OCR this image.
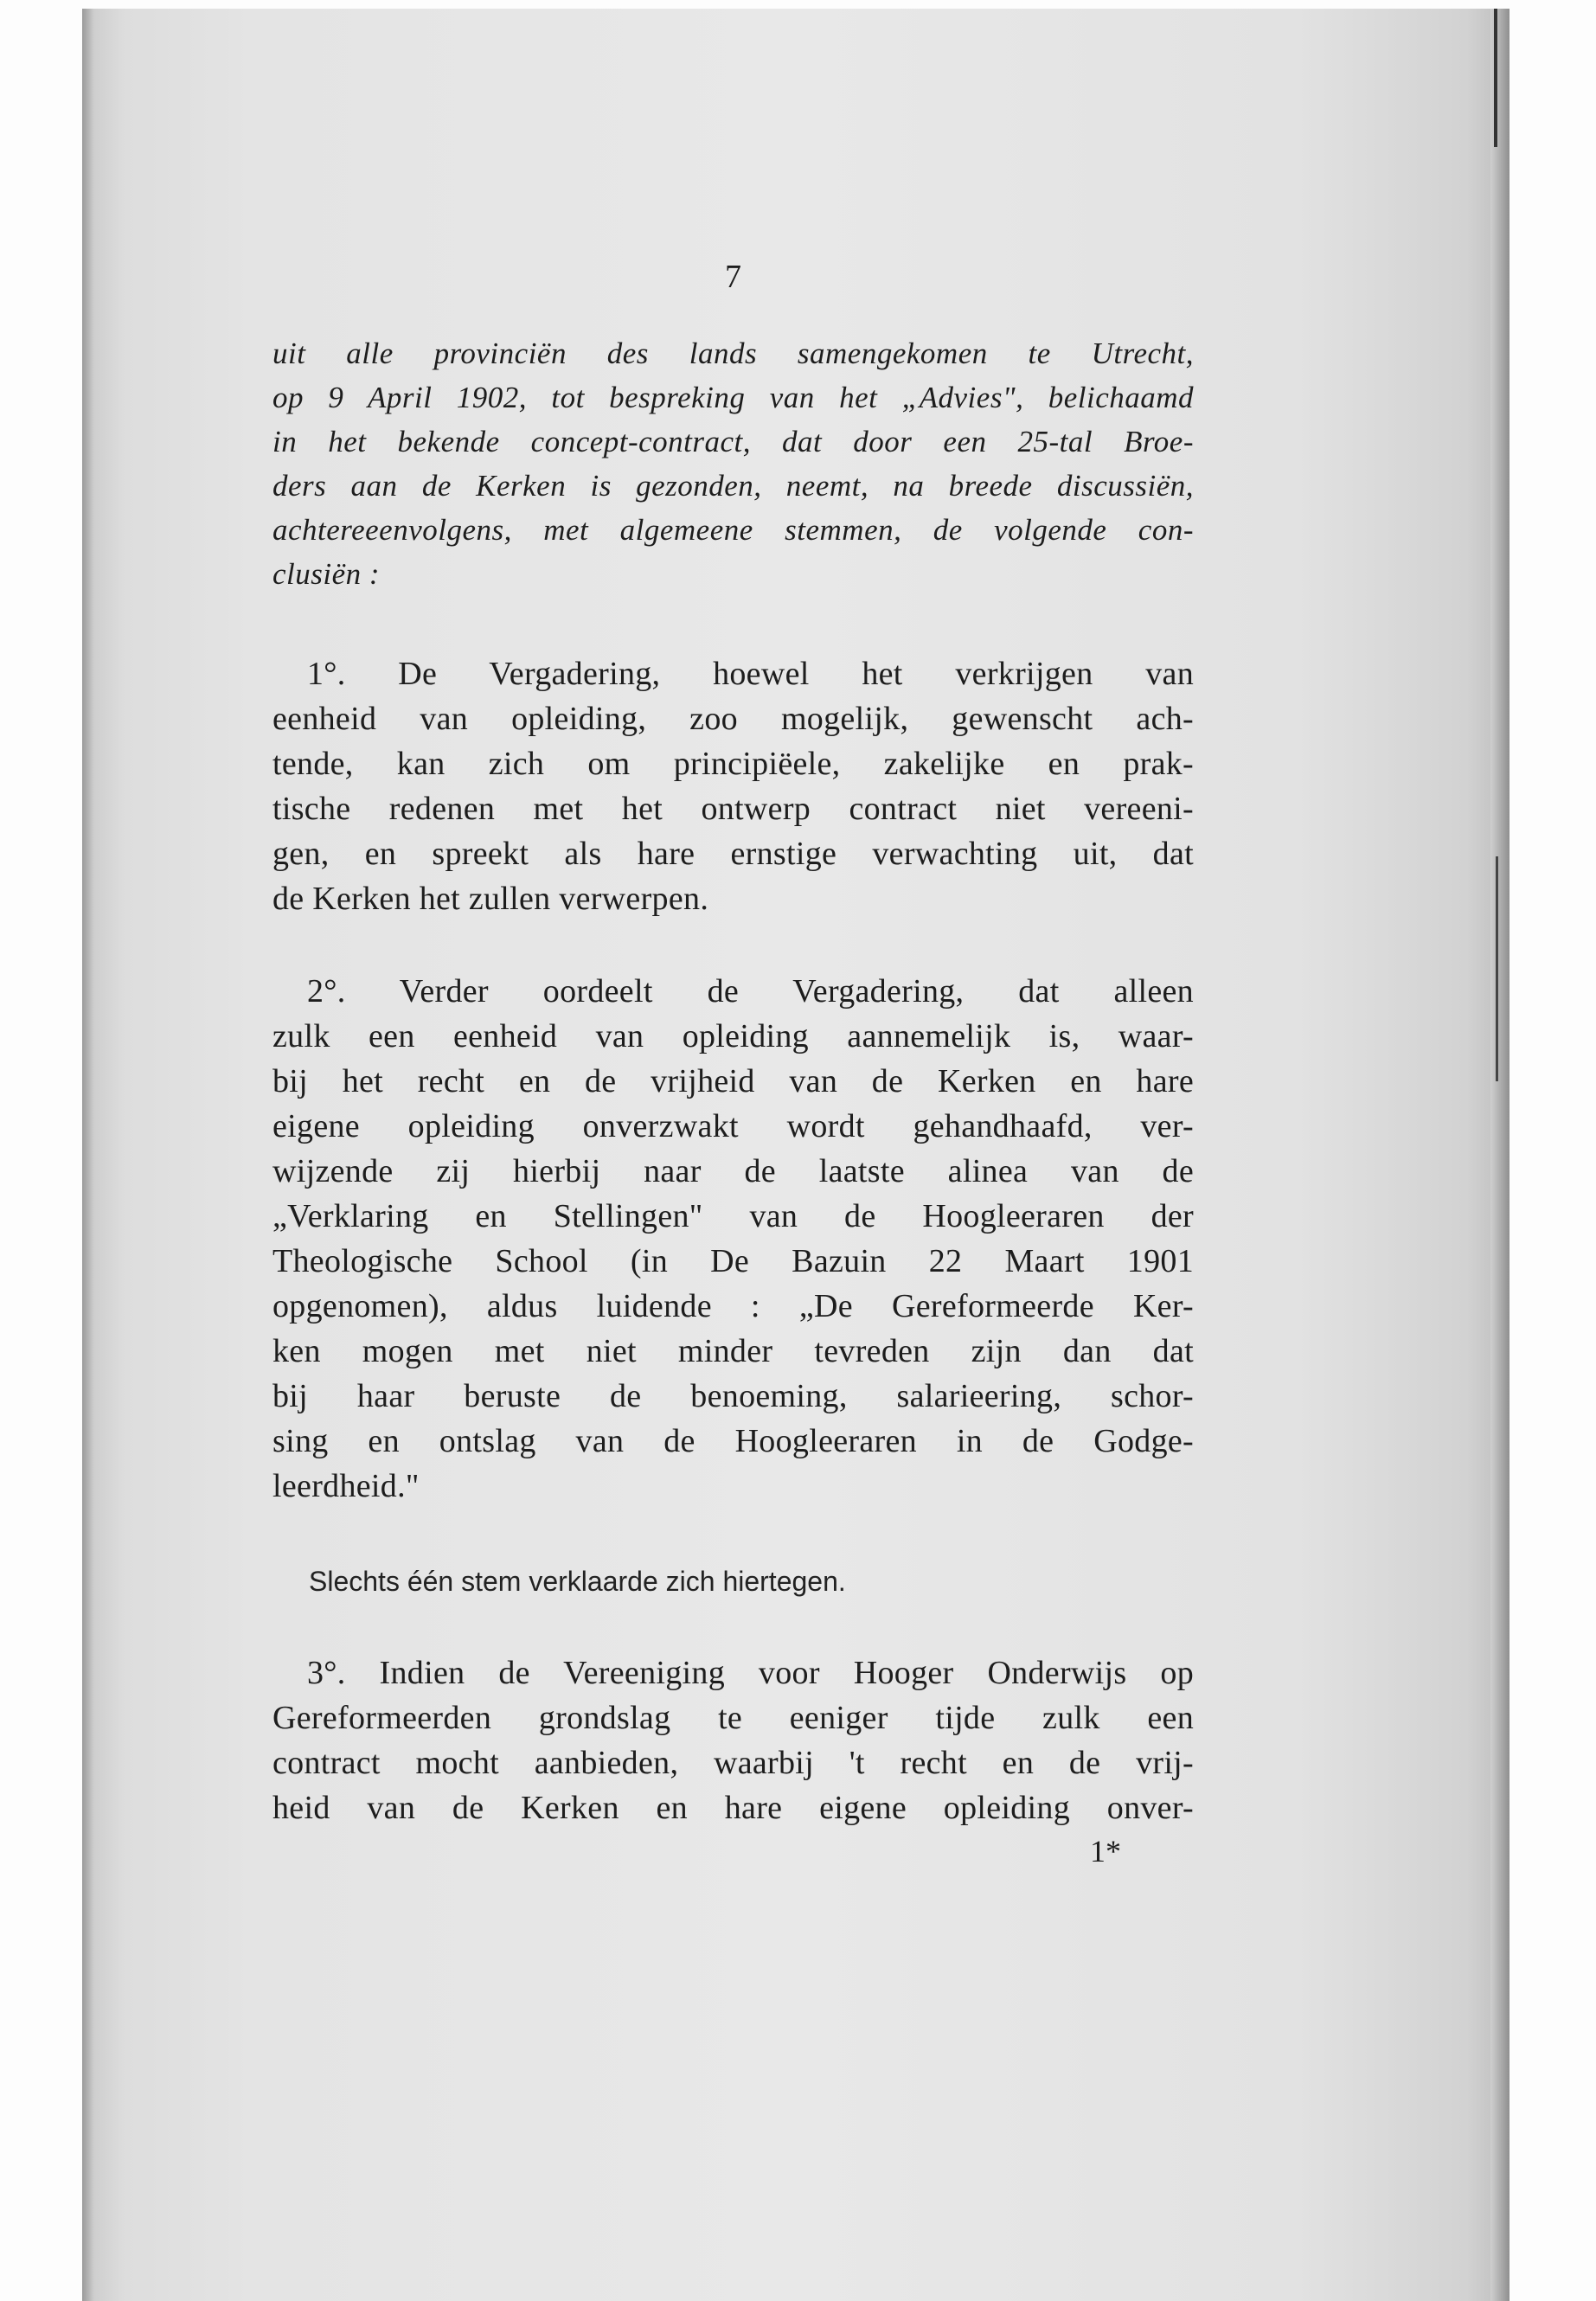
7
uit alle provinciën des lands samengekomen te Utrecht,
op 9 April 1902, tot bespreking van het „Advies", belichaamd
in het bekende concept-contract, dat door een 25-tal Broe-
ders aan de Kerken is gezonden, neemt, na breede discussiën,
achtereeenvolgens, met algemeene stemmen, de volgende con-
clusiën :
1°. De Vergadering, hoewel het verkrijgen van
eenheid van opleiding, zoo mogelijk, gewenscht ach-
tende, kan zich om principiëele, zakelijke en prak-
tische redenen met het ontwerp contract niet vereeni-
gen, en spreekt als hare ernstige verwachting uit, dat
de Kerken het zullen verwerpen.
2°. Verder oordeelt de Vergadering, dat alleen
zulk een eenheid van opleiding aannemelijk is, waar-
bij het recht en de vrijheid van de Kerken en hare
eigene opleiding onverzwakt wordt gehandhaafd, ver-
wijzende zij hierbij naar de laatste alinea van de
„Verklaring en Stellingen" van de Hoogleeraren der
Theologische School (in De Bazuin 22 Maart 1901
opgenomen), aldus luidende : „De Gereformeerde Ker-
ken mogen met niet minder tevreden zijn dan dat
bij haar beruste de benoeming, salarieering, schor-
sing en ontslag van de Hoogleeraren in de Godge-
leerdheid."
Slechts één stem verklaarde zich hiertegen.
3°. Indien de Vereeniging voor Hooger Onderwijs op
Gereformeerden grondslag te eeniger tijde zulk een
contract mocht aanbieden, waarbij 't recht en de vrij-
heid van de Kerken en hare eigene opleiding onver-
1*
